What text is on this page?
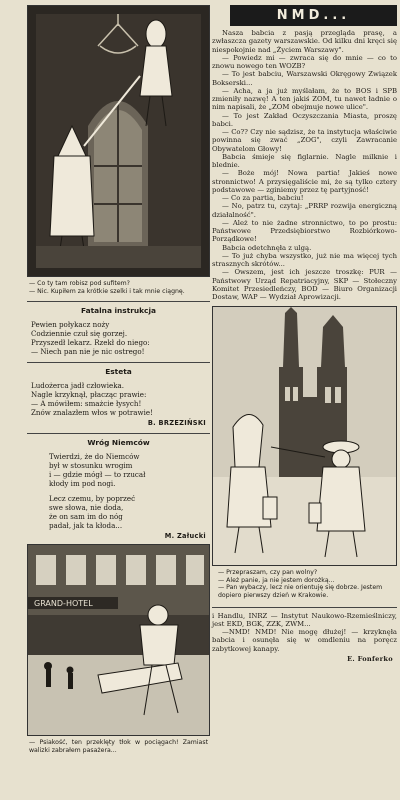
— Co ty tam robisz pod sufitem?
— Nic. Kupiłem za krótkie szelki i tak mnie ciągnę.
Fatalna instrukcja
Pewien połykacz noży
Codziennie czuł się gorzej.
Przyszedł lekarz. Rzekł do niego:
— Niech pan nie je nic ostrego!
Esteta
Ludożerca jadł człowieka.
Nagle krzyknął, płacząc prawie:
— A mówiłem: smażcie łysych!
Znów znalazłem włos w potrawie!
B. BRZEZIŃSKI
Wróg Niemców
Twierdzi, że do Niemców
był w stosunku wrogim
i — gdzie mógł — to rzucał
kłody im pod nogi.
Lecz czemu, by poprzeć
swe słowa, nie doda,
że on sam im do nóg
padał, jak ta kłoda...
M. Załucki
GRAND-HOTEL
— Psiakość, ten przeklęty tłok w pociągach! Zamiast walizki zabrałem pasażera...
NMD...

Nasza babcia z pasją przegląda prasę, a zwłaszcza gazety warszawskie. Od kilku dni kręci się niespokojnie nad „Życiem Warszawy".

— Powiedz mi — zwraca się do mnie — co to znowu nowego ten WOZB?

— To jest babciu, Warszawski Okręgowy Związek Bokserski...

— Acha, a ja już myślałam, że to BOS i SPB zmieniły nazwę! A ten jakiś ZOM, tu nawet ładnie o nim napisali, że „ZOM obejmuje nowe ulice".

— To jest Zakład Oczyszczania Miasta, proszę babci.

— Co?? Czy nie sądzisz, że ta instytucja właściwie powinna się zwać „ZOG", czyli Zawracanie Obywatelom Głowy!

Babcia śmieje się figlarnie. Nagle milknie i blednie.

— Boże mój! Nowa partia! Jakieś nowe stronnictwo! A przysięgaliście mi, że są tylko cztery podstawowe — zginiemy przez tę partyjność!

— Co za partia, babciu!

— No, patrz tu, czytaj: „PRRP rozwija energiczną działalność".

— Ależ to nie żadne stronnictwo, to po prostu: Państwowe Przedsiębiorstwo Rozbiórkowo-Porządkowe!

Babcia odetchnęła z ulgą.

— To już chyba wszystko, już nie ma więcej tych strasznych skrótów...

— Owszem, jest ich jeszcze troszkę: PUR — Państwowy Urząd Repatriacyjny, SKP — Stołeczny Komitet Przesiedleńczy, BOD — Biuro Organizacji Dostaw, WAP — Wydział Aprowizacji.

— Przepraszam, czy pan wolny?

— Ależ panie, ja nie jestem dorożką...

— Pan wybaczy, lecz nie orientuję się dobrze. Jestem dopiero pierwszy dzień w Krakowie.

i Handlu, INRZ — Instytut Naukowo-Rzemieślniczy, jest EKD, BGK, ZZK, ZWM...

—NMD! NMD! Nie mogę dłużej! — krzyknęła babcia i osunęła się w omdleniu na poręcz zabytkowej kanapy.

E. Fonferko
